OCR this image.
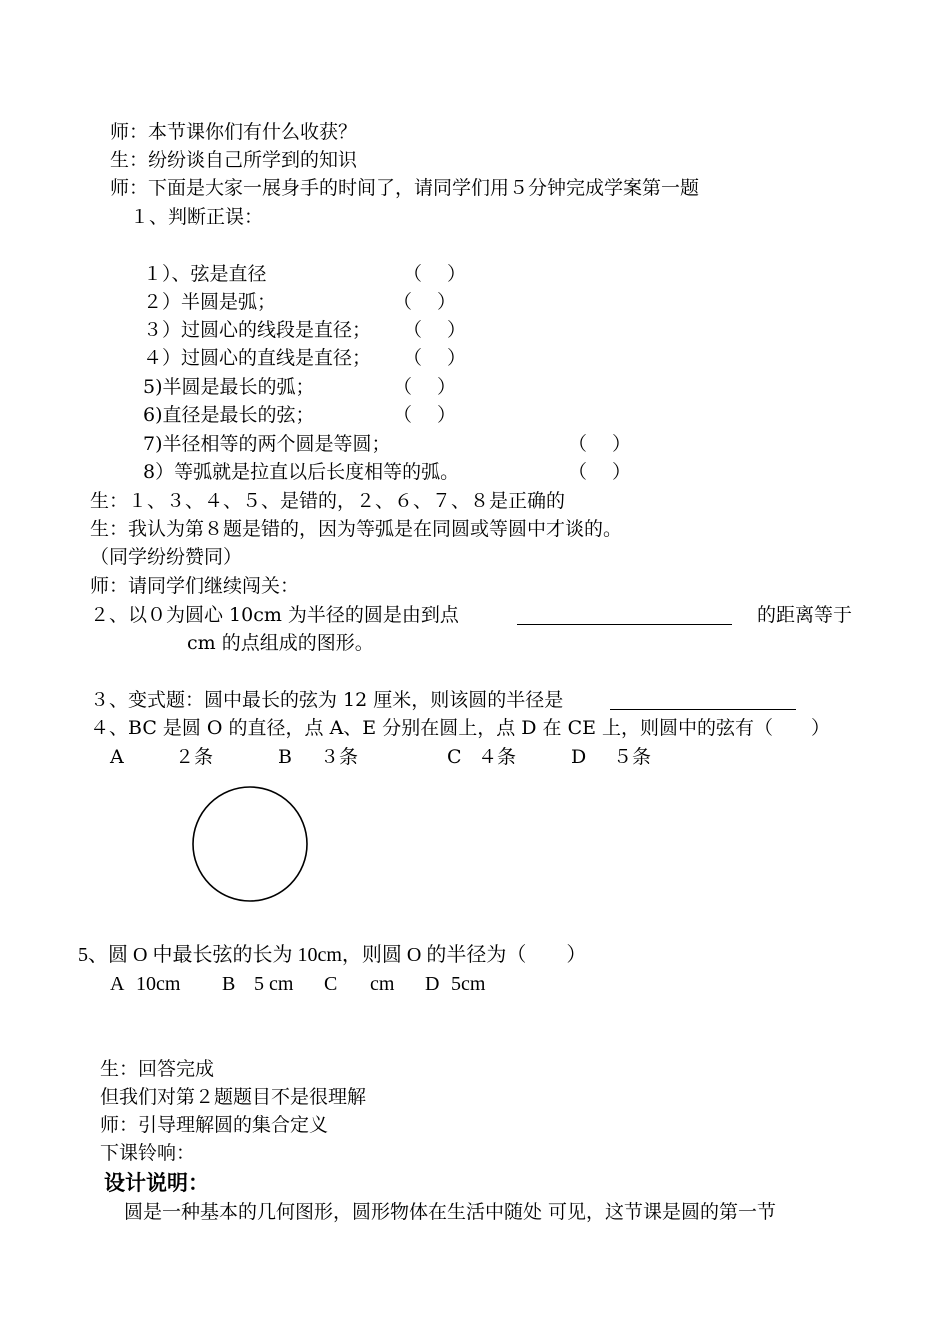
师：本节课你们有什么收获？
生：纷纷谈自己所学到的知识
师：下面是大家一展身手的时间了，请同学们用５分钟完成学案第一题
１、判断正误：
１）、弦是直径	（　 ）
２）半圆是弧；	（　 ）
３）过圆心的线段是直径； （　 ）
４）过圆心的直线是直径； （　 ）
5)半圆是最长的弧；	（　 ）
6)直径是最长的弦；	（　 ）
7)半径相等的两个圆是等圆；	（　 ）
8）等弧就是拉直以后长度相等的弧。	（　 ）
生：１、３、４、５、是错的，２、６、７、８是正确的
生：我认为第８题是错的，因为等弧是在同圆或等圆中才谈的。
（同学纷纷赞同）
师：请同学们继续闯关：
２、以０为圆心 10cm 为半径的圆是由到点	的距离等于
cm 的点组成的图形。
３、变式题：圆中最长的弦为 12 厘米，则该圆的半径是
４、BC 是圆 O 的直径，点 A、E 分别在圆上，点 D 在 CE 上，则圆中的弦有（　　）
A	２条	B ３条	C ４条	D ５条
5、圆 O 中最长弦的长为 10cm，则圆 O 的半径为（　　）
A 10cm B 5 cm C cm D 5cm
生：回答完成
但我们对第２题题目不是很理解
师：引导理解圆的集合定义
下课铃响：
设计说明：
圆是一种基本的几何图形，圆形物体在生活中随处 可见，这节课是圆的第一节
